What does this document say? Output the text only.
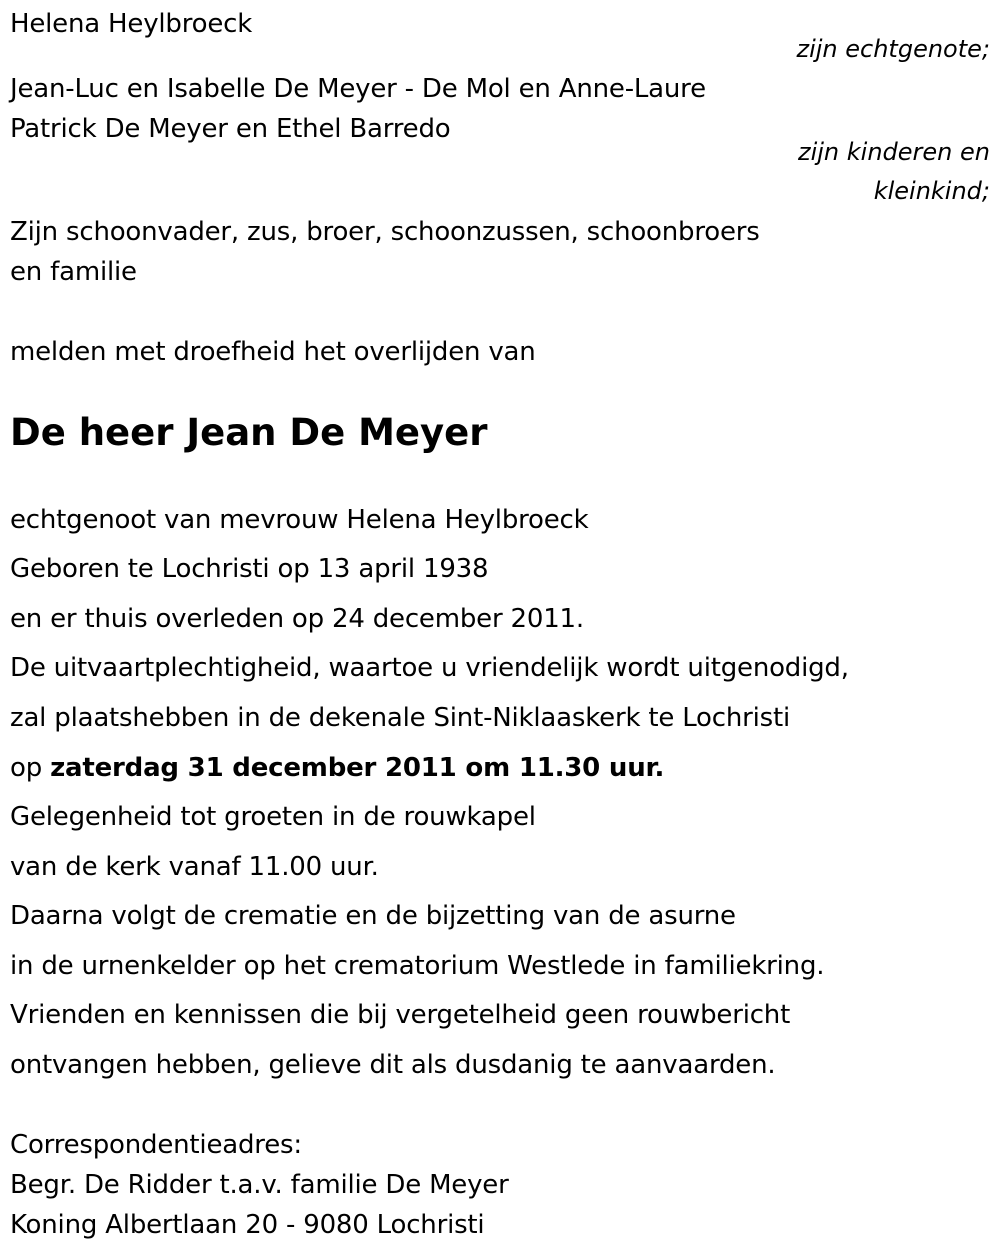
Helena Heylbroeck
zijn echtgenote;
Jean-Luc en Isabelle De Meyer - De Mol en Anne-Laure
Patrick De Meyer en Ethel Barredo
zijn kinderen en
kleinkind;
Zijn schoonvader, zus, broer, schoonzussen, schoonbroers
en familie
melden met droefheid het overlijden van
De heer Jean De Meyer
echtgenoot van mevrouw Helena Heylbroeck
Geboren te Lochristi op 13 april 1938
en er thuis overleden op 24 december 2011.
De uitvaartplechtigheid, waartoe u vriendelijk wordt uitgenodigd,
zal plaatshebben in de dekenale Sint-Niklaaskerk te Lochristi
op zaterdag 31 december 2011 om 11.30 uur.
Gelegenheid tot groeten in de rouwkapel
van de kerk vanaf 11.00 uur.
Daarna volgt de crematie en de bijzetting van de asurne
in de urnenkelder op het crematorium Westlede in familiekring.
Vrienden en kennissen die bij vergetelheid geen rouwbericht
ontvangen hebben, gelieve dit als dusdanig te aanvaarden.
Correspondentieadres:
Begr. De Ridder t.a.v. familie De Meyer
Koning Albertlaan 20 - 9080 Lochristi
